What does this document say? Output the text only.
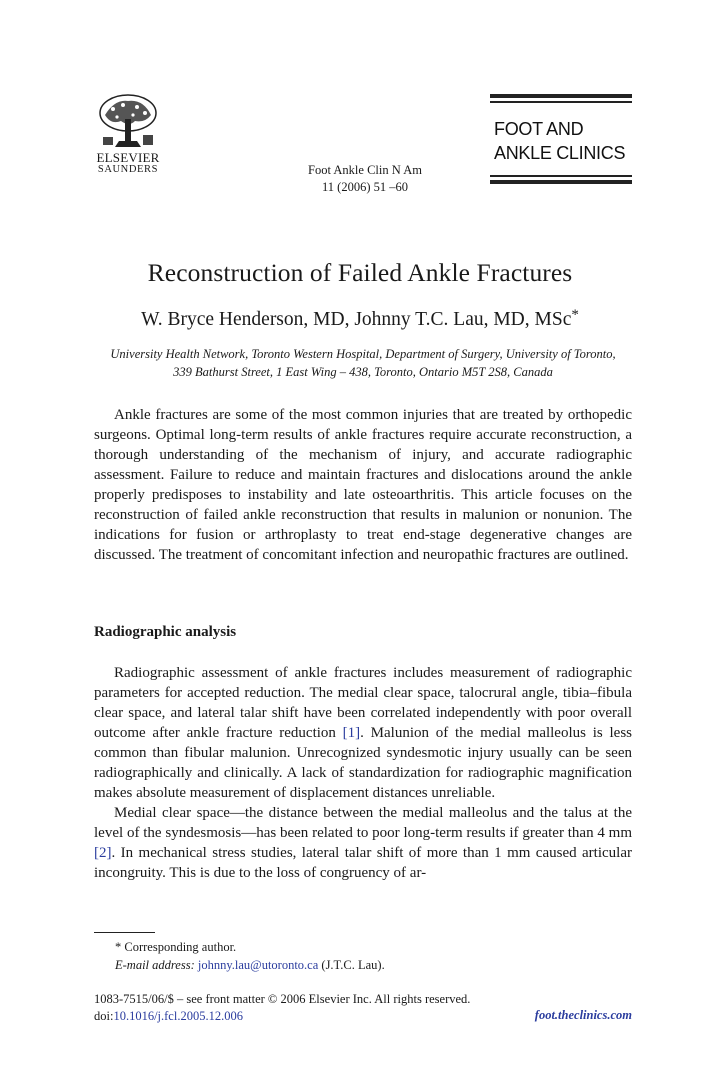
ELSEVIER
SAUNDERS	Foot Ankle Clin N Am
11 (2006) 51 –60
FOOT AND
ANKLE CLINICS
Reconstruction of Failed Ankle Fractures
W. Bryce Henderson, MD, Johnny T.C. Lau, MD, MSc*
University Health Network, Toronto Western Hospital, Department of Surgery, University of Toronto,
339 Bathurst Street, 1 East Wing – 438, Toronto, Ontario M5T 2S8, Canada

Ankle fractures are some of the most common injuries that are treated by orthopedic surgeons. Optimal long-term results of ankle fractures require accurate reconstruction, a thorough understanding of the mechanism of injury, and accurate radiographic assessment. Failure to reduce and maintain fractures and dislocations around the ankle properly predisposes to instability and late osteoarthritis. This article focuses on the reconstruction of failed ankle reconstruction that results in malunion or nonunion. The indications for fusion or arthroplasty to treat end-stage degenerative changes are discussed. The treatment of concomitant infection and neuropathic fractures are outlined.

Radiographic analysis

Radiographic assessment of ankle fractures includes measurement of radiographic parameters for accepted reduction. The medial clear space, talocrural angle, tibia–fibula clear space, and lateral talar shift have been correlated independently with poor overall outcome after ankle fracture reduction [1]. Malunion of the medial malleolus is less common than fibular malunion. Unrecognized syndesmotic injury usually can be seen radiographically and clinically. A lack of standardization for radiographic magnification makes absolute measurement of displacement distances unreliable.

Medial clear space—the distance between the medial malleolus and the talus at the level of the syndesmosis—has been related to poor long-term results if greater than 4 mm [2]. In mechanical stress studies, lateral talar shift of more than 1 mm caused articular incongruity. This is due to the loss of congruency of ar-

* Corresponding author.
E-mail address: johnny.lau@utoronto.ca (J.T.C. Lau).
1083-7515/06/$ – see front matter © 2006 Elsevier Inc. All rights reserved.
doi:10.1016/j.fcl.2005.12.006	foot.theclinics.com
